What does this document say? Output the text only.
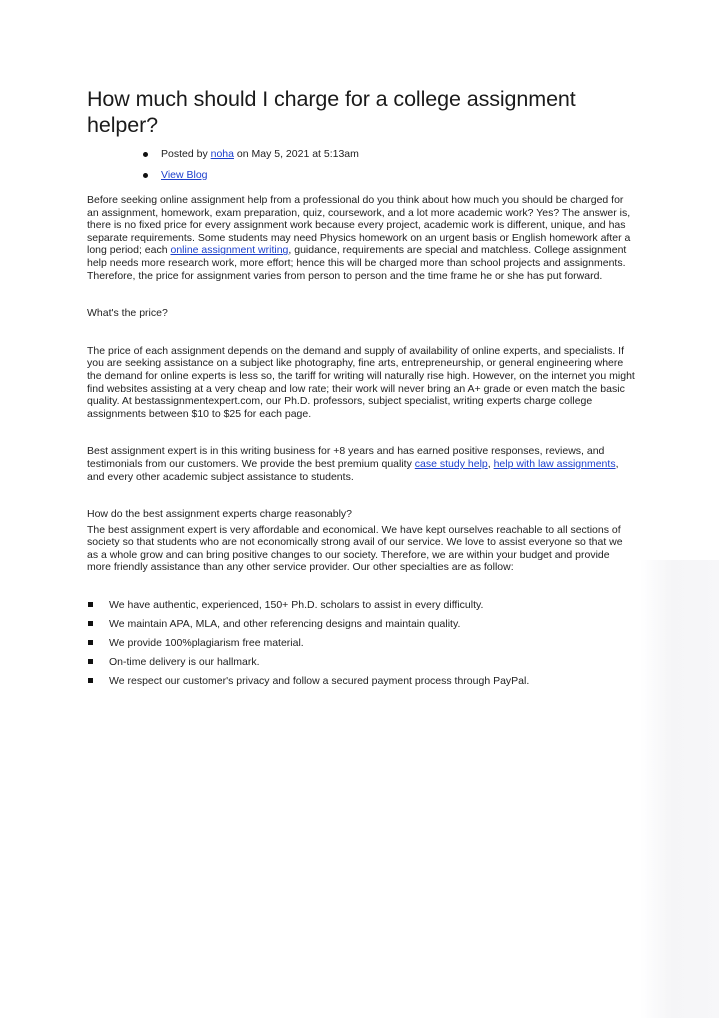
How much should I charge for a college assignment helper?
Posted by noha on May 5, 2021 at 5:13am
View Blog

Before seeking online assignment help from a professional do you think about how much you should be charged for an assignment, homework, exam preparation, quiz, coursework, and a lot more academic work? Yes? The answer is, there is no fixed price for every assignment work because every project, academic work is different, unique, and has separate requirements. Some students may need Physics homework on an urgent basis or English homework after a long period; each online assignment writing, guidance, requirements are special and matchless. College assignment help needs more research work, more effort; hence this will be charged more than school projects and assignments. Therefore, the price for assignment varies from person to person and the time frame he or she has put forward.

What's the price?

The price of each assignment depends on the demand and supply of availability of online experts, and specialists. If you are seeking assistance on a subject like photography, fine arts, entrepreneurship, or general engineering where the demand for online experts is less so, the tariff for writing will naturally rise high. However, on the internet you might find websites assisting at a very cheap and low rate; their work will never bring an A+ grade or even match the basic quality. At bestassignmentexpert.com, our Ph.D. professors, subject specialist, writing experts charge college assignments between $10 to $25 for each page.

Best assignment expert is in this writing business for +8 years and has earned positive responses, reviews, and testimonials from our customers. We provide the best premium quality case study help, help with law assignments, and every other academic subject assistance to students.

How do the best assignment experts charge reasonably?

The best assignment expert is very affordable and economical. We have kept ourselves reachable to all sections of society so that students who are not economically strong avail of our service. We love to assist everyone so that we as a whole grow and can bring positive changes to our society. Therefore, we are within your budget and provide more friendly assistance than any other service provider. Our other specialties are as follow:

We have authentic, experienced, 150+ Ph.D. scholars to assist in every difficulty.
We maintain APA, MLA, and other referencing designs and maintain quality.
We provide 100%plagiarism free material.
On-time delivery is our hallmark.
We respect our customer's privacy and follow a secured payment process through PayPal.
